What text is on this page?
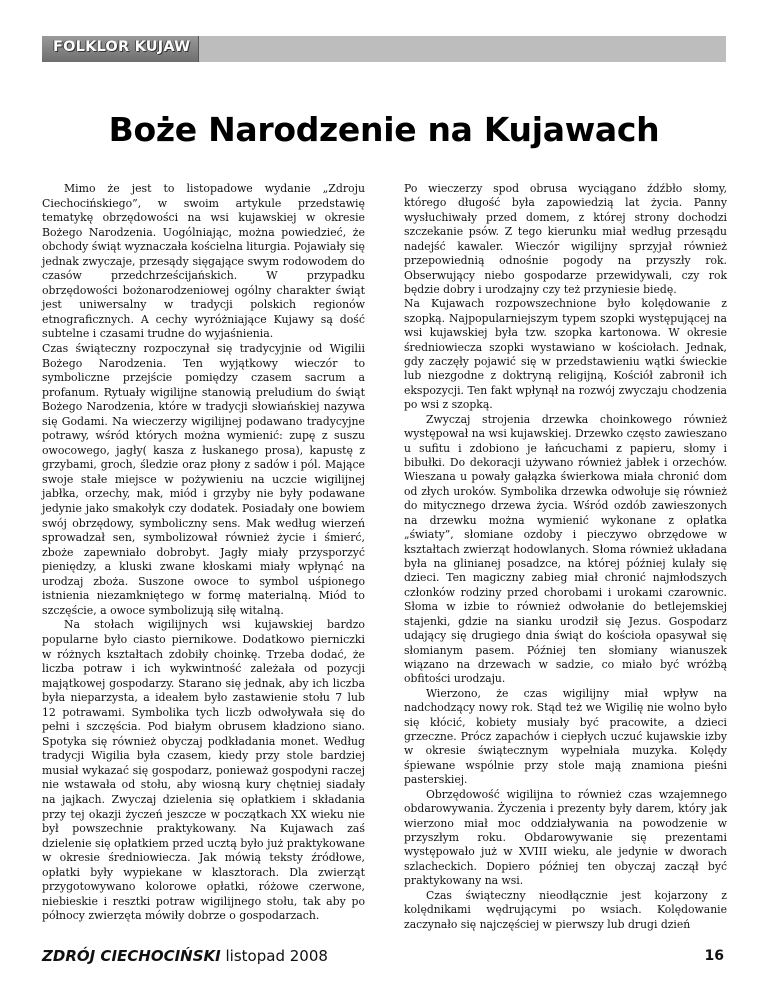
FOLKLOR KUJAW
Boże Narodzenie na Kujawach

Mimo że jest to listopadowe wydanie „Zdroju Ciechocińskiego”, w swoim artykule przedstawię tematykę obrzędowości na wsi kujawskiej w okresie Bożego Narodzenia. Uogólniając, można powiedzieć, że obchody świąt wyznaczała kościelna liturgia. Pojawiały się jednak zwyczaje, przesądy sięgające swym rodowodem do czasów przedchrześcijańskich. W przypadku obrzędowości bożonarodzeniowej ogólny charakter świąt jest uniwersalny w tradycji polskich regionów etnograficznych. A cechy wyróżniające Kujawy są dość subtelne i czasami trudne do wyjaśnienia.

Czas świąteczny rozpoczynał się tradycyjnie od Wigilii Bożego Narodzenia. Ten wyjątkowy wieczór to symboliczne przejście pomiędzy czasem sacrum a profanum. Rytuały wigilijne stanowią preludium do świąt Bożego Narodzenia, które w tradycji słowiańskiej nazywa się Godami. Na wieczerzy wigilijnej podawano tradycyjne potrawy, wśród których można wymienić: zupę z suszu owocowego, jagły( kasza z łuskanego prosa), kapustę z grzybami, groch, śledzie oraz płony z sadów i pól. Mające swoje stałe miejsce w pożywieniu na uczcie wigilijnej jabłka, orzechy, mak, miód i grzyby nie były podawane jedynie jako smakołyk czy dodatek. Posiadały one bowiem swój obrzędowy, symboliczny sens. Mak według wierzeń sprowadzał sen, symbolizował również życie i śmierć, zboże zapewniało dobrobyt. Jagły miały przysporzyć pieniędzy, a kluski zwane kłoskami miały wpłynąć na urodzaj zboża. Suszone owoce to symbol uśpionego istnienia niezamkniętego w formę materialną. Miód to szczęście, a owoce symbolizują siłę witalną.

Na stołach wigilijnych wsi kujawskiej bardzo popularne było ciasto piernikowe. Dodatkowo pierniczki w różnych kształtach zdobiły choinkę. Trzeba dodać, że liczba potraw i ich wykwintność zależała od pozycji majątkowej gospodarzy. Starano się jednak, aby ich liczba była nieparzysta, a ideałem było zastawienie stołu 7 lub 12 potrawami. Symbolika tych liczb odwoływała się do pełni i szczęścia. Pod białym obrusem kładziono siano. Spotyka się również obyczaj podkładania monet. Według tradycji Wigilia była czasem, kiedy przy stole bardziej musiał wykazać się gospodarz, ponieważ gospodyni raczej nie wstawała od stołu, aby wiosną kury chętniej siadały na jajkach. Zwyczaj dzielenia się opłatkiem i składania przy tej okazji życzeń jeszcze w początkach XX wieku nie był powszechnie praktykowany. Na Kujawach zaś dzielenie się opłatkiem przed ucztą było już praktykowane w okresie średniowiecza. Jak mówią teksty źródłowe, opłatki były wypiekane w klasztorach. Dla zwierząt przygotowywano kolorowe opłatki, różowe czerwone, niebieskie i resztki potraw wigilijnego stołu, tak aby po północy zwierzęta mówiły dobrze o gospodarzach.

Po wieczerzy spod obrusa wyciągano źdźbło słomy, którego długość była zapowiedzią lat życia. Panny wysłuchiwały przed domem, z której strony dochodzi szczekanie psów. Z tego kierunku miał według przesądu nadejść kawaler. Wieczór wigilijny sprzyjał również przepowiednią odnośnie pogody na przyszły rok. Obserwujący niebo gospodarze przewidywali, czy rok będzie dobry i urodzajny czy też przyniesie biedę.

Na Kujawach rozpowszechnione było kolędowanie z szopką. Najpopularniejszym typem szopki występującej na wsi kujawskiej była tzw. szopka kartonowa. W okresie średniowiecza szopki wystawiano w kościołach. Jednak, gdy zaczęły pojawić się w przedstawieniu wątki świeckie lub niezgodne z doktryną religijną, Kościół zabronił ich ekspozycji. Ten fakt wpłynął na rozwój zwyczaju chodzenia po wsi z szopką.

Zwyczaj strojenia drzewka choinkowego również występował na wsi kujawskiej. Drzewko często zawieszano u sufitu i zdobiono je łańcuchami z papieru, słomy i bibułki. Do dekoracji używano również jabłek i orzechów. Wieszana u powały gałązka świerkowa miała chronić dom od złych uroków. Symbolika drzewka odwołuje się również do mitycznego drzewa życia. Wśród ozdób zawieszonych na drzewku można wymienić wykonane z opłatka „światy”, słomiane ozdoby i pieczywo obrzędowe w kształtach zwierząt hodowlanych. Słoma również układana była na glinianej posadzce, na której później kulały się dzieci. Ten magiczny zabieg miał chronić najmłodszych członków rodziny przed chorobami i urokami czarownic. Słoma w izbie to również odwołanie do betlejemskiej stajenki, gdzie na sianku urodził się Jezus. Gospodarz udający się drugiego dnia świąt do kościoła opasywał się słomianym pasem. Później ten słomiany wianuszek wiązano na drzewach w sadzie, co miało być wróżbą obfitości urodzaju.

Wierzono, że czas wigilijny miał wpływ na nadchodzący nowy rok. Stąd też we Wigilię nie wolno było się kłócić, kobiety musiały być pracowite, a dzieci grzeczne. Prócz zapachów i ciepłych uczuć kujawskie izby w okresie świątecznym wypełniała muzyka. Kolędy śpiewane wspólnie przy stole mają znamiona pieśni pasterskiej.

Obrzędowość wigilijna to również czas wzajemnego obdarowywania. Życzenia i prezenty były darem, który jak wierzono miał moc oddziaływania na powodzenie w przyszłym roku. Obdarowywanie się prezentami występowało już w XVIII wieku, ale jedynie w dworach szlacheckich. Dopiero później ten obyczaj zaczął być praktykowany na wsi.

Czas świąteczny nieodłącznie jest kojarzony z kolędnikami wędrującymi po wsiach. Kolędowanie zaczynało się najczęściej w pierwszy lub drugi dzień

ZDRÓJ CIECHOCIŃSKI listopad 2008	16
